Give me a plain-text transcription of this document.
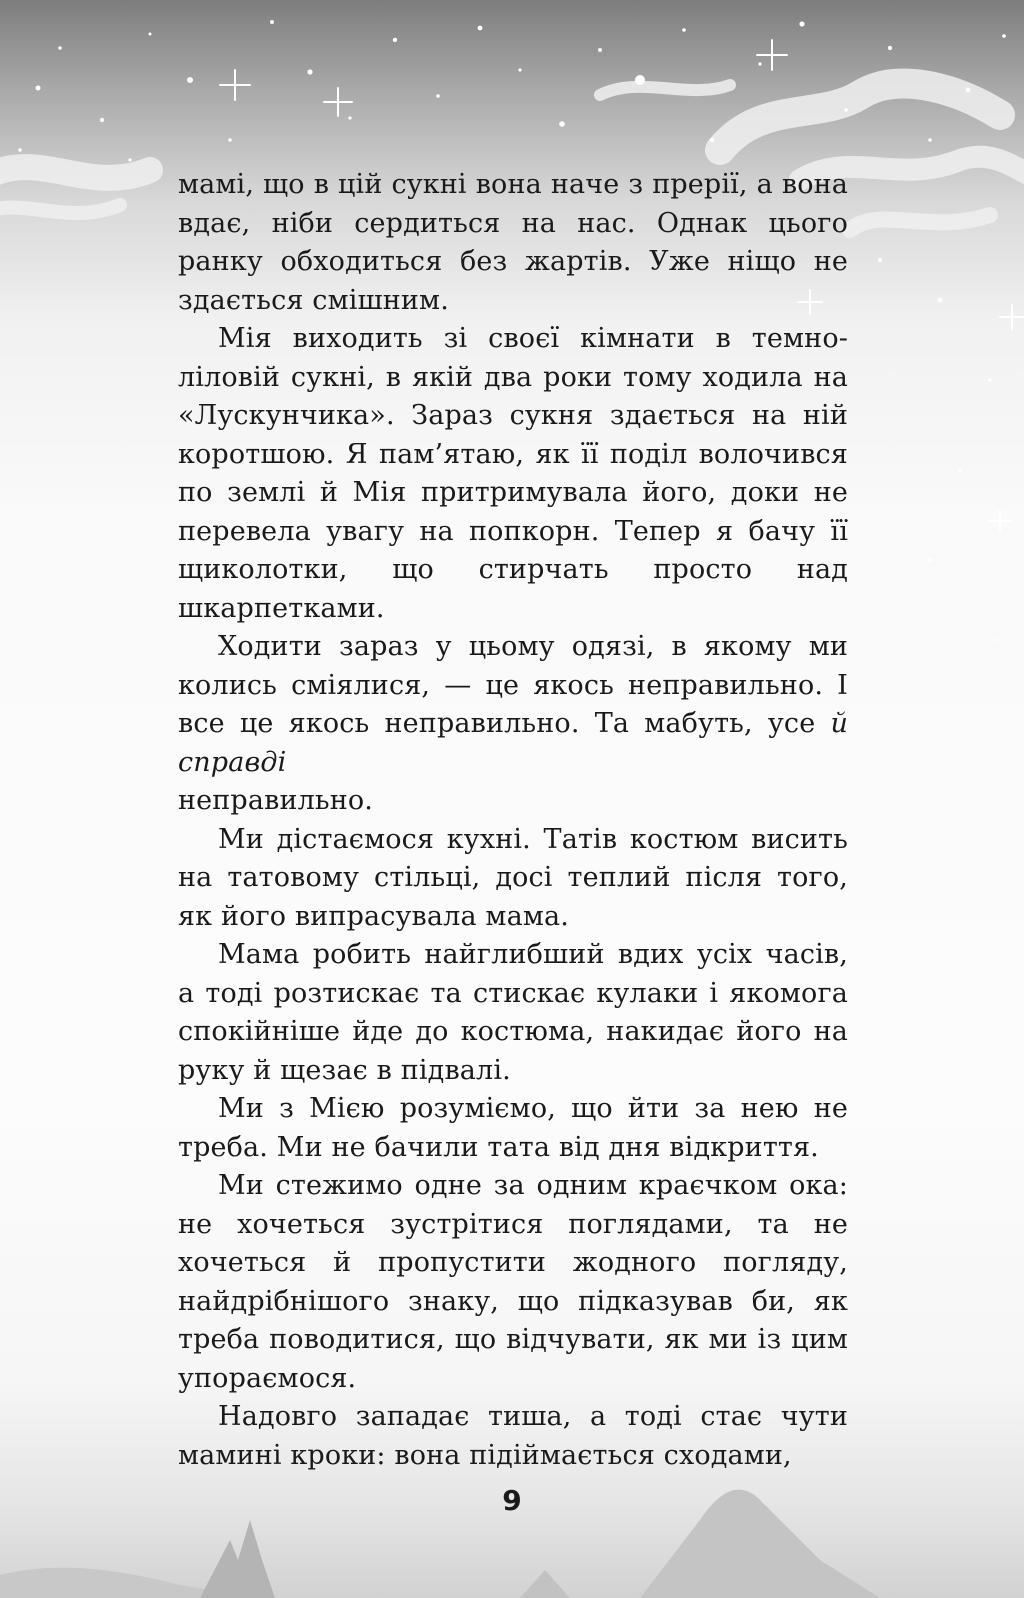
мамі, що в цій сукні вона наче з прерії, а вона вдає, ніби сердиться на нас. Однак цього ранку обходиться без жартів. Уже ніщо не здається смішним.

Мія виходить зі своєї кімнати в темно-ліловій сукні, в якій два роки тому ходила на «Лускунчика». Зараз сукня здається на ній коротшою. Я пам’ятаю, як її поділ волочився по землі й Мія притримувала його, доки не перевела увагу на попкорн. Тепер я бачу її щиколотки, що стирчать просто над шкарпетками.

Ходити зараз у цьому одязі, в якому ми колись сміялися, — це якось неправильно. І все це якось неправильно. Та мабуть, усе й справді
неправильно.

Ми дістаємося кухні. Татів костюм висить на татовому стільці, досі теплий після того, як його випрасувала мама.

Мама робить найглибший вдих усіх часів, а тоді розтискає та стискає кулаки і якомога спокійніше йде до костюма, накидає його на руку й щезає в підвалі.

Ми з Мією розуміємо, що йти за нею не треба. Ми не бачили тата від дня відкриття.

Ми стежимо одне за одним краєчком ока: не хочеться зустрітися поглядами, та не хочеться й пропустити жодного погляду, найдрібнішого знаку, що підказував би, як треба поводитися, що відчувати, як ми із цим упораємося.

Надовго западає тиша, а тоді стає чути мамині кроки: вона підіймається сходами,

9
